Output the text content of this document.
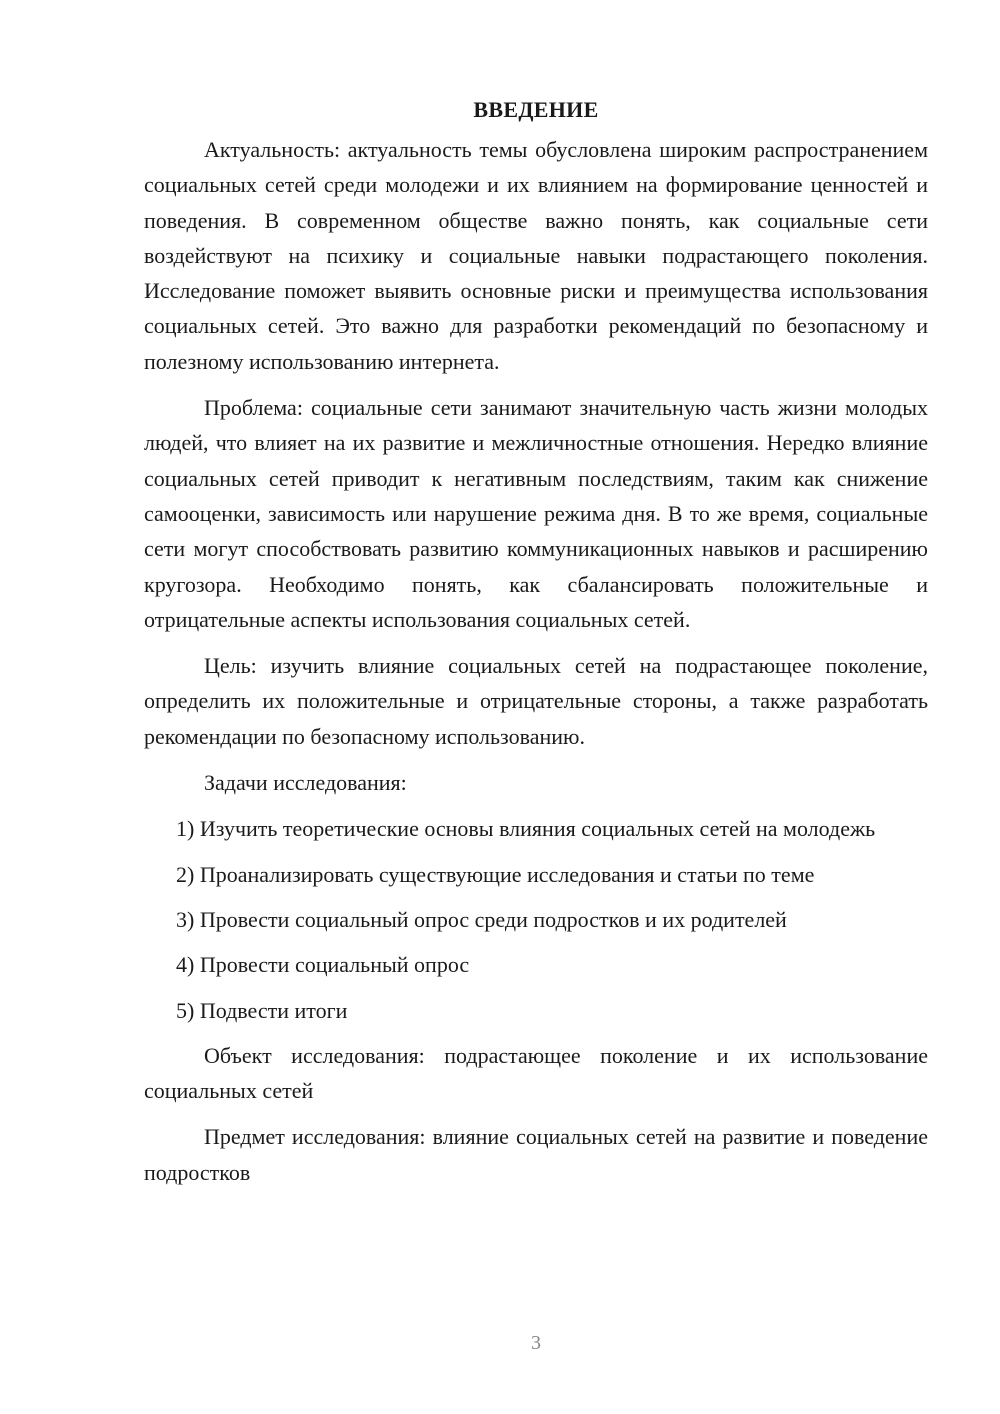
ВВЕДЕНИЕ

Актуальность: актуальность темы обусловлена широким распространением социальных сетей среди молодежи и их влиянием на формирование ценностей и поведения. В современном обществе важно понять, как социальные сети воздействуют на психику и социальные навыки подрастающего поколения. Исследование поможет выявить основные риски и преимущества использования социальных сетей. Это важно для разработки рекомендаций по безопасному и полезному использованию интернета.

Проблема: социальные сети занимают значительную часть жизни молодых людей, что влияет на их развитие и межличностные отношения. Нередко влияние социальных сетей приводит к негативным последствиям, таким как снижение самооценки, зависимость или нарушение режима дня. В то же время, социальные сети могут способствовать развитию коммуникационных навыков и расширению кругозора. Необходимо понять, как сбалансировать положительные и отрицательные аспекты использования социальных сетей.

Цель: изучить влияние социальных сетей на подрастающее поколение, определить их положительные и отрицательные стороны, а также разработать рекомендации по безопасному использованию.

Задачи исследования:

1) Изучить теоретические основы влияния социальных сетей на молодежь

2) Проанализировать существующие исследования и статьи по теме

3) Провести социальный опрос среди подростков и их родителей

4) Провести социальный опрос

5) Подвести итоги

Объект исследования: подрастающее поколение и их использование социальных сетей

Предмет исследования: влияние социальных сетей на развитие и поведение подростков

3
